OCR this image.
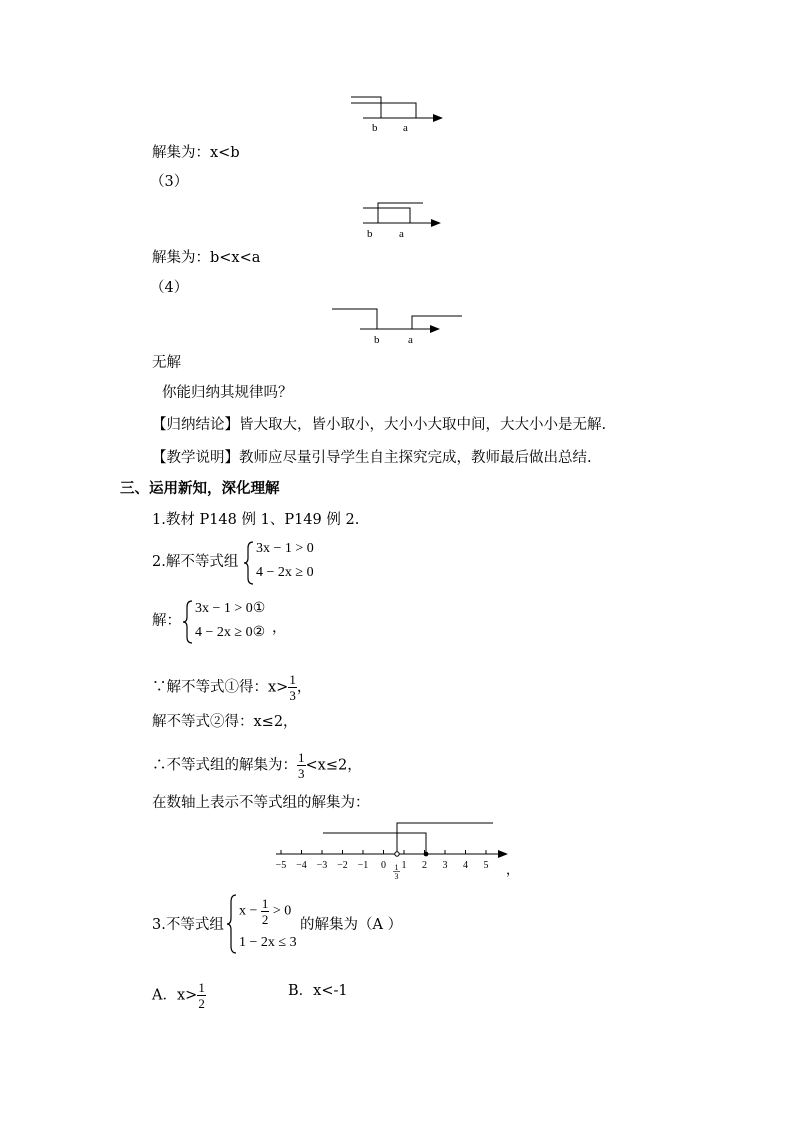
b a
解集为：x<b
（3）
b a
解集为：b<x<a
（4）
b	a
无解
你能归纳其规律吗？
【归纳结论】皆大取大，皆小取小，大小小大取中间，大大小小是无解.
【教学说明】教师应尽量引导学生自主探究完成，教师最后做出总结.
三、运用新知，深化理解
1.教材 P148 例 1、P149 例 2.
2.解不等式组
3x − 1 > 0
4 − 2x ≥ 0
解：
3x − 1 > 0①
4 − 2x ≥ 0② ，
∵解不等式①得：$x> \frac{1}{3}$ ，
解不等式②得：x≤2，
∴不等式组的解集为： $\frac{1}{3} <x\le 2$，
在数轴上表示不等式组的解集为：
−5 −4 −3 −2 −1 0 1 2 3 4 5
1
3	，
3.不等式组
$x - \frac{1}{2} > 0$
1 − 2x ≤ 3
的解集为（A ）
A．$x> \frac{1}{2}$	B．x<-1
